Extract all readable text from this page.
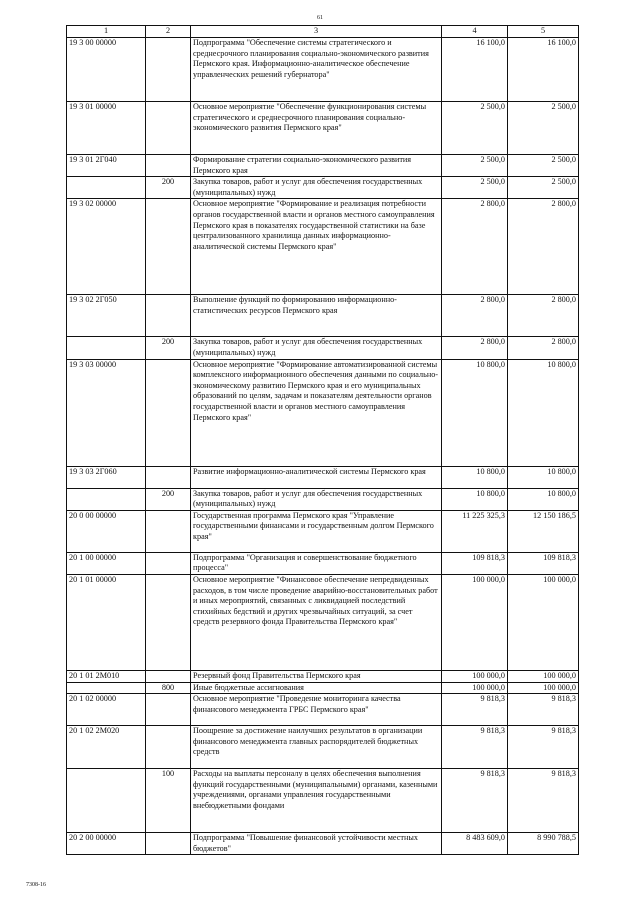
61
1	2	3	4	5
19 3 00 00000		Подпрограмма "Обеспечение системы стратегического и среднесрочного планирования социально-экономического развития Пермского края. Информационно-аналитическое обеспечение управленческих решений губернатора"	16 100,0	16 100,0
19 3 01 00000		Основное мероприятие "Обеспечение функционирования системы стратегического и среднесрочного планирования социально-экономического развития Пермского края"	2 500,0	2 500,0
19 3 01 2Г040		Формирование стратегии социально-экономического развития Пермского края	2 500,0	2 500,0
	200	Закупка товаров, работ и услуг для обеспечения государственных (муниципальных) нужд	2 500,0	2 500,0
19 3 02 00000		Основное мероприятие "Формирование и реализация потребности органов государственной власти и органов местного самоуправления Пермского края в показателях государственной статистики на базе централизованного хранилища данных информационно-аналитической системы Пермского края"	2 800,0	2 800,0
19 3 02 2Г050		Выполнение функций по формированию информационно-статистических ресурсов Пермского края	2 800,0	2 800,0
	200	Закупка товаров, работ и услуг для обеспечения государственных (муниципальных) нужд	2 800,0	2 800,0
19 3 03 00000		Основное мероприятие "Формирование автоматизированной системы комплексного информационного обеспечения данными по социально-экономическому развитию Пермского края и его муниципальных образований по целям, задачам и показателям деятельности органов государственной власти и органов местного самоуправления Пермского края"	10 800,0	10 800,0
19 3 03 2Г060		Развитие информационно-аналитической системы Пермского края	10 800,0	10 800,0
	200	Закупка товаров, работ и услуг для обеспечения государственных (муниципальных) нужд	10 800,0	10 800,0
20 0 00 00000		Государственная программа Пермского края "Управление государственными финансами и государственным долгом Пермского края"	11 225 325,3	12 150 186,5
20 1 00 00000		Подпрограмма "Организация и совершенствование бюджетного процесса"	109 818,3	109 818,3
20 1 01 00000		Основное мероприятие "Финансовое обеспечение непредвиденных расходов, в том числе проведение аварийно-восстановительных работ и иных мероприятий, связанных с ликвидацией последствий стихийных бедствий и других чрезвычайных ситуаций, за счет средств резервного фонда Правительства Пермского края"	100 000,0	100 000,0
20 1 01 2М010		Резервный фонд Правительства Пермского края	100 000,0	100 000,0
	800	Иные бюджетные ассигнования	100 000,0	100 000,0
20 1 02 00000		Основное мероприятие "Проведение мониторинга качества финансового менеджмента ГРБС Пермского края"	9 818,3	9 818,3
20 1 02 2М020		Поощрение за достижение наилучших результатов в организации финансового менеджмента главных распорядителей бюджетных средств	9 818,3	9 818,3
	100	Расходы на выплаты персоналу в целях обеспечения выполнения функций государственными (муниципальными) органами, казенными учреждениями, органами управления государственными внебюджетными фондами	9 818,3	9 818,3
20 2 00 00000		Подпрограмма "Повышение финансовой устойчивости местных бюджетов"	8 483 609,0	8 990 788,5
7308-16
